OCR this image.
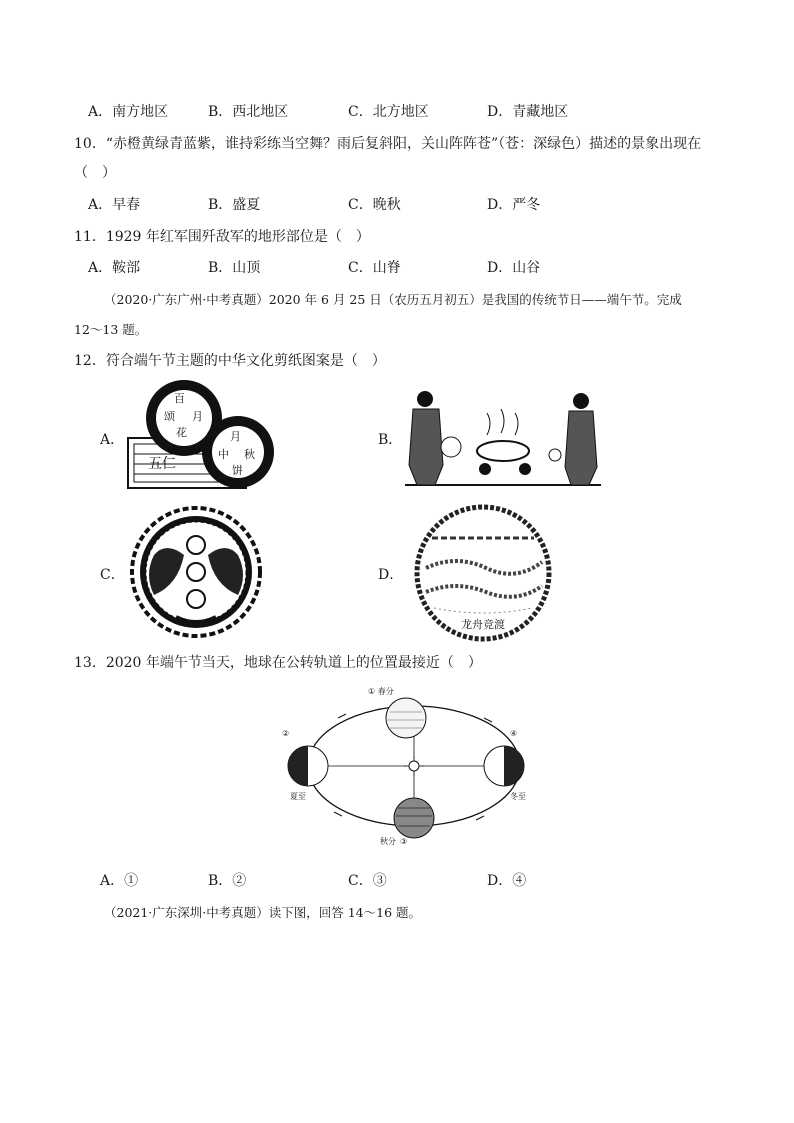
A．南方地区	B．西北地区	C．北方地区	D．青藏地区
10．“赤橙黄绿青蓝紫，谁持彩练当空舞？雨后复斜阳，关山阵阵苍”（苍：深绿色）描述的景象出现在
（　）
A．早春	B．盛夏	C．晚秋	D．严冬
11．1929 年红军围歼敌军的地形部位是（　）
A．鞍部	B．山顶	C．山脊	D．山谷
（2020·广东广州·中考真题）2020 年 6 月 25 日（农历五月初五）是我国的传统节日——端午节。完成
12～13 题。
12．符合端午节主题的中华文化剪纸图案是（　）
A．
五仁
百
颂 月
花	月
中 秋
饼
B．
C．	D．
龙舟竞渡
13．2020 年端午节当天，地球在公转轨道上的位置最接近（　）
① 春分
②	④
夏至	冬至
秋分 ③
A．①	B．②	C．③	D．④
（2021·广东深圳·中考真题）读下图，回答 14～16 题。
